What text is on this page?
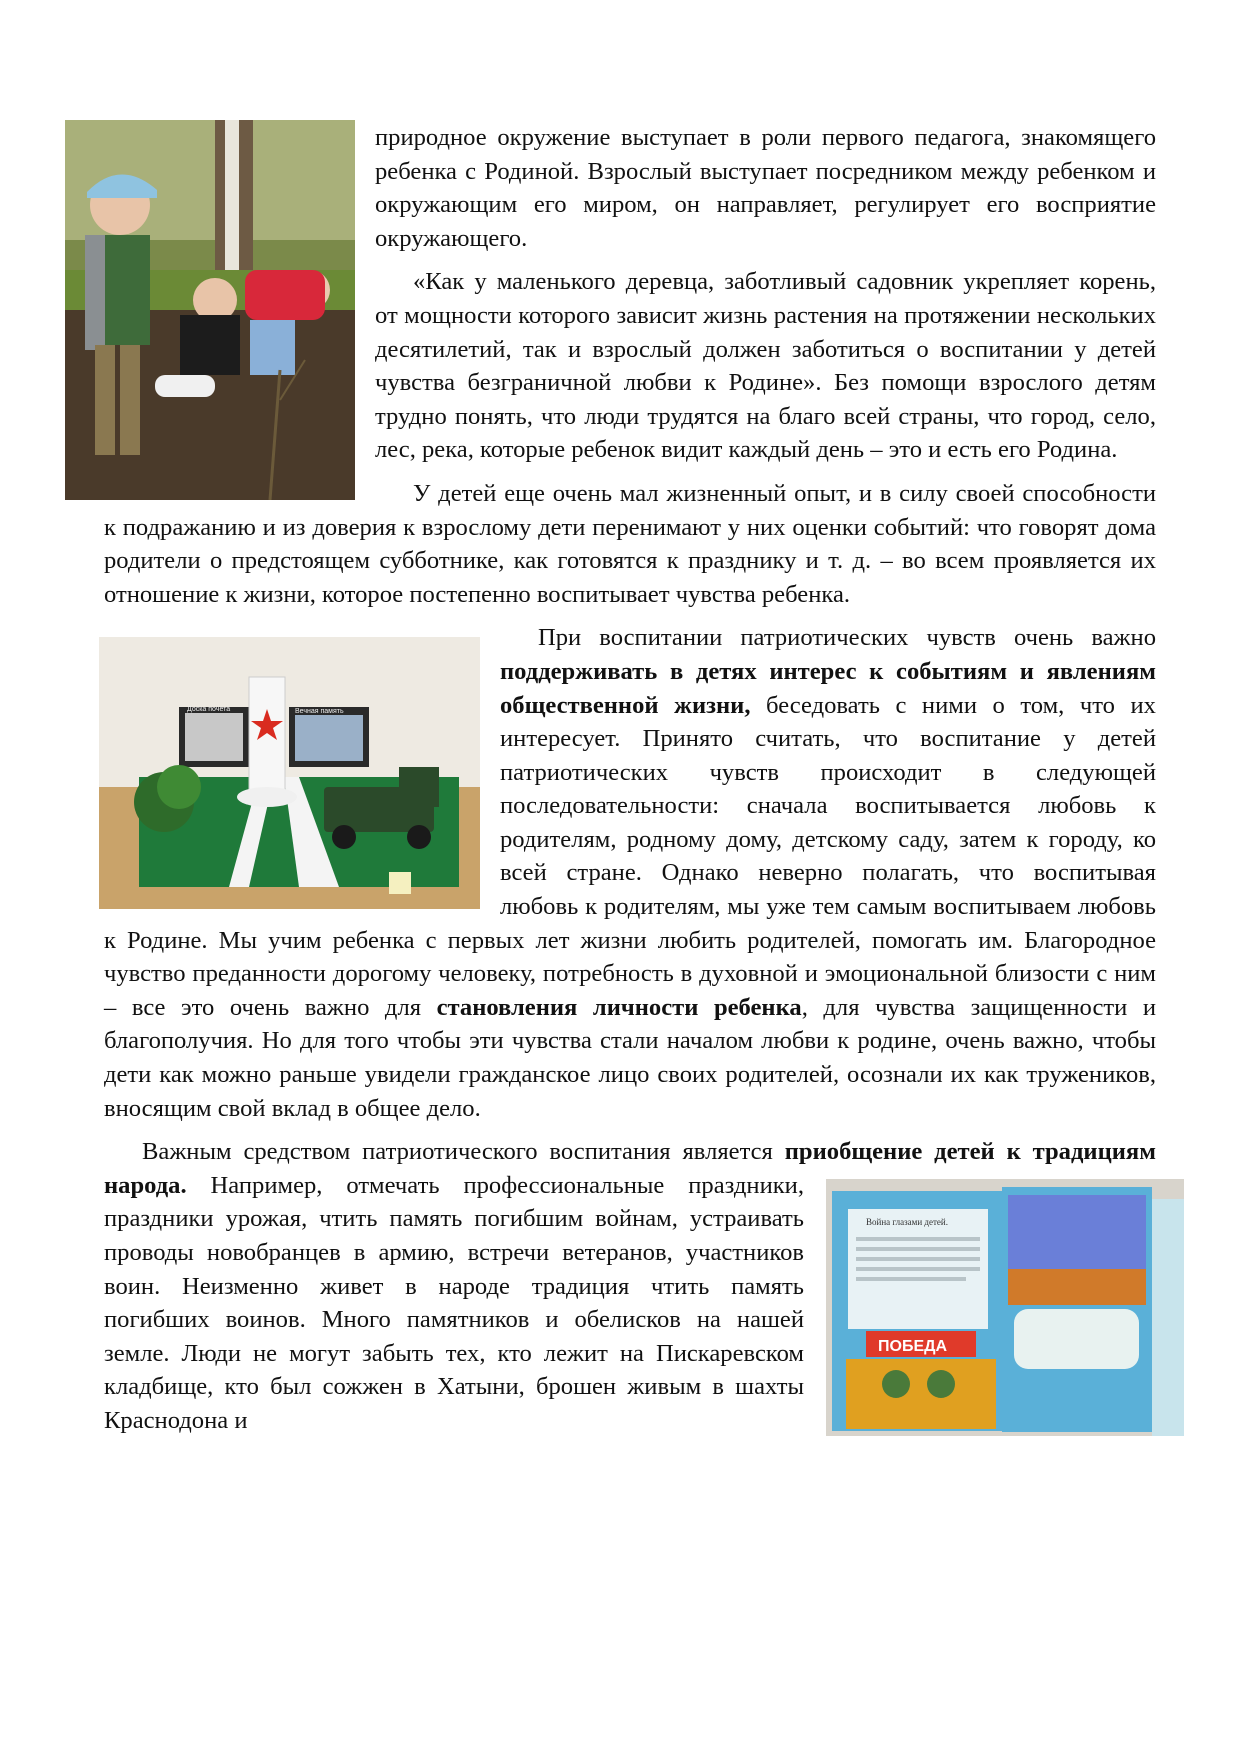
природное окружение выступает в роли первого педагога, знакомящего ребенка с Родиной. Взрослый выступает посредником между ребенком и окружающим его миром, он направляет, регулирует его восприятие окружающего.

«Как у маленького деревца, заботливый садовник укрепляет корень, от мощности которого зависит жизнь растения на протяжении нескольких десятилетий, так и взрослый должен заботиться о воспитании у детей чувства безграничной любви к Родине». Без помощи взрослого детям трудно понять, что люди трудятся на благо всей страны, что город, село, лес, река, которые ребенок видит каждый день – это и есть его Родина.

У детей еще очень мал жизненный опыт, и в силу своей способности к подражанию и из доверия к взрослому дети перенимают у них оценки событий: что говорят дома родители о предстоящем субботнике, как готовятся к празднику и т. д. – во всем проявляется их отношение к жизни, которое постепенно воспитывает чувства ребенка.

Доска почета	Вечная память

При воспитании патриотических чувств очень важно поддерживать в детях интерес к событиям и явлениям общественной жизни, беседовать с ними о том, что их интересует. Принято считать, что воспитание у детей патриотических чувств происходит в следующей последовательности: сначала воспитывается любовь к родителям, родному дому, детскому саду, затем к городу, ко всей стране. Однако неверно полагать, что воспитывая любовь к родителям, мы уже тем самым воспитываем любовь к Родине. Мы учим ребенка с первых лет жизни любить родителей, помогать им. Благородное чувство преданности дорогому человеку, потребность в духовной и эмоциональной близости с ним – все это очень важно для становления личности ребенка, для чувства защищенности и благополучия. Но для того чтобы эти чувства стали началом любви к родине, очень важно, чтобы дети как можно раньше увидели гражданское лицо своих родителей, осознали их как тружеников, вносящим свой вклад в общее дело.

Важным средством патриотического воспитания является приобщение детей к традициям народа.
Война глазами детей.
ПОБЕДА
Например, отмечать профессиональные праздники, праздники урожая, чтить память погибшим войнам, устраивать проводы новобранцев в армию, встречи ветеранов, участников воин. Неизменно живет в народе традиция чтить память погибших воинов. Много памятников и обелисков на нашей земле. Люди не могут забыть тех, кто лежит на Пискаревском кладбище, кто был сожжен в Хатыни, брошен живым в шахты Краснодона и
